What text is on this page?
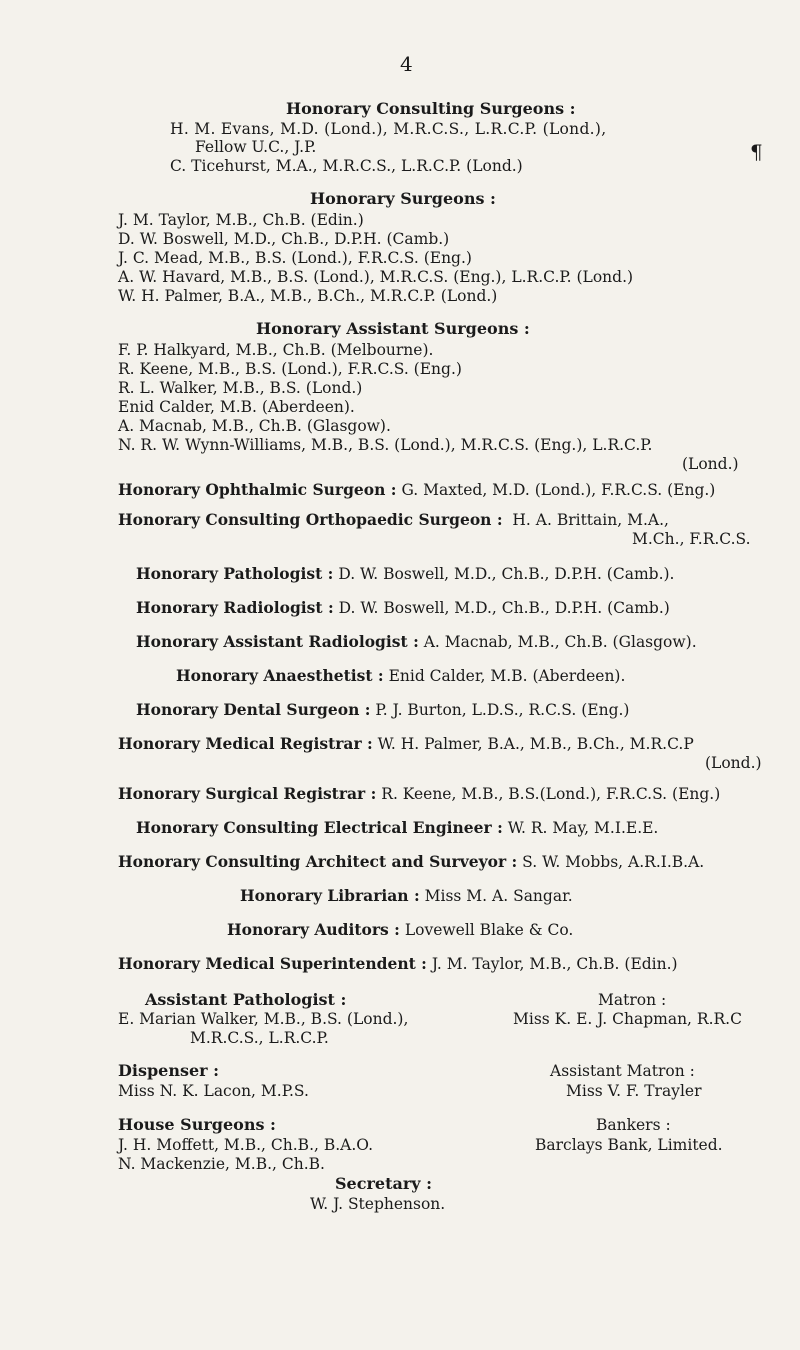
4
Honorary Consulting Surgeons :
H. M. Evans, M.D. (Lond.), M.R.C.S., L.R.C.P. (Lond.),
Fellow U.C., J.P.
C. Ticehurst, M.A., M.R.C.S., L.R.C.P. (Lond.)
¶
Honorary Surgeons :
J. M. Taylor, M.B., Ch.B. (Edin.)
D. W. Boswell, M.D., Ch.B., D.P.H. (Camb.)
J. C. Mead, M.B., B.S. (Lond.), F.R.C.S. (Eng.)
A. W. Havard, M.B., B.S. (Lond.), M.R.C.S. (Eng.), L.R.C.P. (Lond.)
W. H. Palmer, B.A., M.B., B.Ch., M.R.C.P. (Lond.)
Honorary Assistant Surgeons :
F. P. Halkyard, M.B., Ch.B. (Melbourne).
R. Keene, M.B., B.S. (Lond.), F.R.C.S. (Eng.)
R. L. Walker, M.B., B.S. (Lond.)
Enid Calder, M.B. (Aberdeen).
A. Macnab, M.B., Ch.B. (Glasgow).
N. R. W. Wynn-Williams, M.B., B.S. (Lond.), M.R.C.S. (Eng.), L.R.C.P.
(Lond.)
Honorary Ophthalmic Surgeon : G. Maxted, M.D. (Lond.), F.R.C.S. (Eng.)
Honorary Consulting Orthopaedic Surgeon : H. A. Brittain, M.A.,
M.Ch., F.R.C.S.
Honorary Pathologist : D. W. Boswell, M.D., Ch.B., D.P.H. (Camb.).
Honorary Radiologist : D. W. Boswell, M.D., Ch.B., D.P.H. (Camb.)
Honorary Assistant Radiologist : A. Macnab, M.B., Ch.B. (Glasgow).
Honorary Anaesthetist : Enid Calder, M.B. (Aberdeen).
Honorary Dental Surgeon : P. J. Burton, L.D.S., R.C.S. (Eng.)
Honorary Medical Registrar : W. H. Palmer, B.A., M.B., B.Ch., M.R.C.P
(Lond.)
Honorary Surgical Registrar : R. Keene, M.B., B.S.(Lond.), F.R.C.S. (Eng.)
Honorary Consulting Electrical Engineer : W. R. May, M.I.E.E.
Honorary Consulting Architect and Surveyor : S. W. Mobbs, A.R.I.B.A.
Honorary Librarian : Miss M. A. Sangar.
Honorary Auditors : Lovewell Blake & Co.
Honorary Medical Superintendent : J. M. Taylor, M.B., Ch.B. (Edin.)
Assistant Pathologist :
E. Marian Walker, M.B., B.S. (Lond.),
M.R.C.S., L.R.C.P.
Dispenser :
Miss N. K. Lacon, M.P.S.
House Surgeons :
J. H. Moffett, M.B., Ch.B., B.A.O.
N. Mackenzie, M.B., Ch.B.
Matron :
Miss K. E. J. Chapman, R.R.C
Assistant Matron :
Miss V. F. Trayler
Bankers :
Barclays Bank, Limited.
Secretary :
W. J. Stephenson.
